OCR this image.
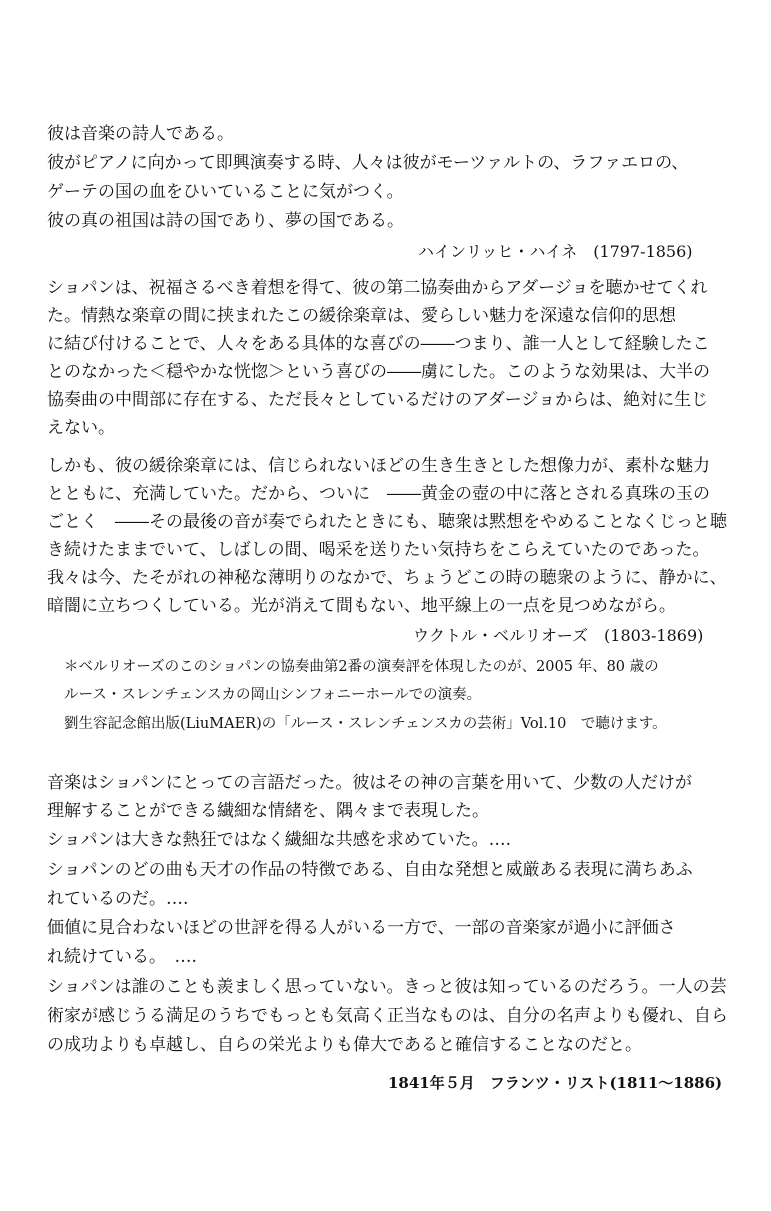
彼は音楽の詩人である。
彼がピアノに向かって即興演奏する時、人々は彼がモーツァルトの、ラファエロの、
ゲーテの国の血をひいていることに気がつく。
彼の真の祖国は詩の国であり、夢の国である。
ハインリッヒ・ハイネ　(1797-1856)
ショパンは、祝福さるべき着想を得て、彼の第二協奏曲からアダージョを聴かせてくれ
た。情熱な楽章の間に挟まれたこの緩徐楽章は、愛らしい魅力を深遠な信仰的思想
に結び付けることで、人々をある具体的な喜びの――つまり、誰一人として経験したこ
とのなかった＜穏やかな恍惚＞という喜びの――虜にした。このような効果は、大半の
協奏曲の中間部に存在する、ただ長々としているだけのアダージョからは、絶対に生じ
えない。
しかも、彼の緩徐楽章には、信じられないほどの生き生きとした想像力が、素朴な魅力
とともに、充満していた。だから、ついに　――黄金の壺の中に落とされる真珠の玉の
ごとく　――その最後の音が奏でられたときにも、聴衆は黙想をやめることなくじっと聴
き続けたままでいて、しばしの間、喝采を送りたい気持ちをこらえていたのであった。
我々は今、たそがれの神秘な薄明りのなかで、ちょうどこの時の聴衆のように、静かに、
暗闇に立ちつくしている。光が消えて間もない、地平線上の一点を見つめながら。
ウクトル・ベルリオーズ　(1803-1869)
＊ベルリオーズのこのショパンの協奏曲第2番の演奏評を体現したのが、2005 年、80 歳の
ルース・スレンチェンスカの岡山シンフォニーホールでの演奏。
劉生容記念館出版(LiuMAER)の「ルース・スレンチェンスカの芸術」Vol.10　で聴けます。
音楽はショパンにとっての言語だった。彼はその神の言葉を用いて、少数の人だけが
理解することができる繊細な情緒を、隅々まで表現した。
ショパンは大きな熱狂ではなく繊細な共感を求めていた。….
ショパンのどの曲も天才の作品の特徴である、自由な発想と威厳ある表現に満ちあふ
れているのだ。….
価値に見合わないほどの世評を得る人がいる一方で、一部の音楽家が過小に評価さ
れ続けている。　….
ショパンは誰のことも羨ましく思っていない。きっと彼は知っているのだろう。一人の芸
術家が感じうる満足のうちでもっとも気高く正当なものは、自分の名声よりも優れ、自ら
の成功よりも卓越し、自らの栄光よりも偉大であると確信することなのだと。
1841年５月　フランツ・リスト(1811～1886)
